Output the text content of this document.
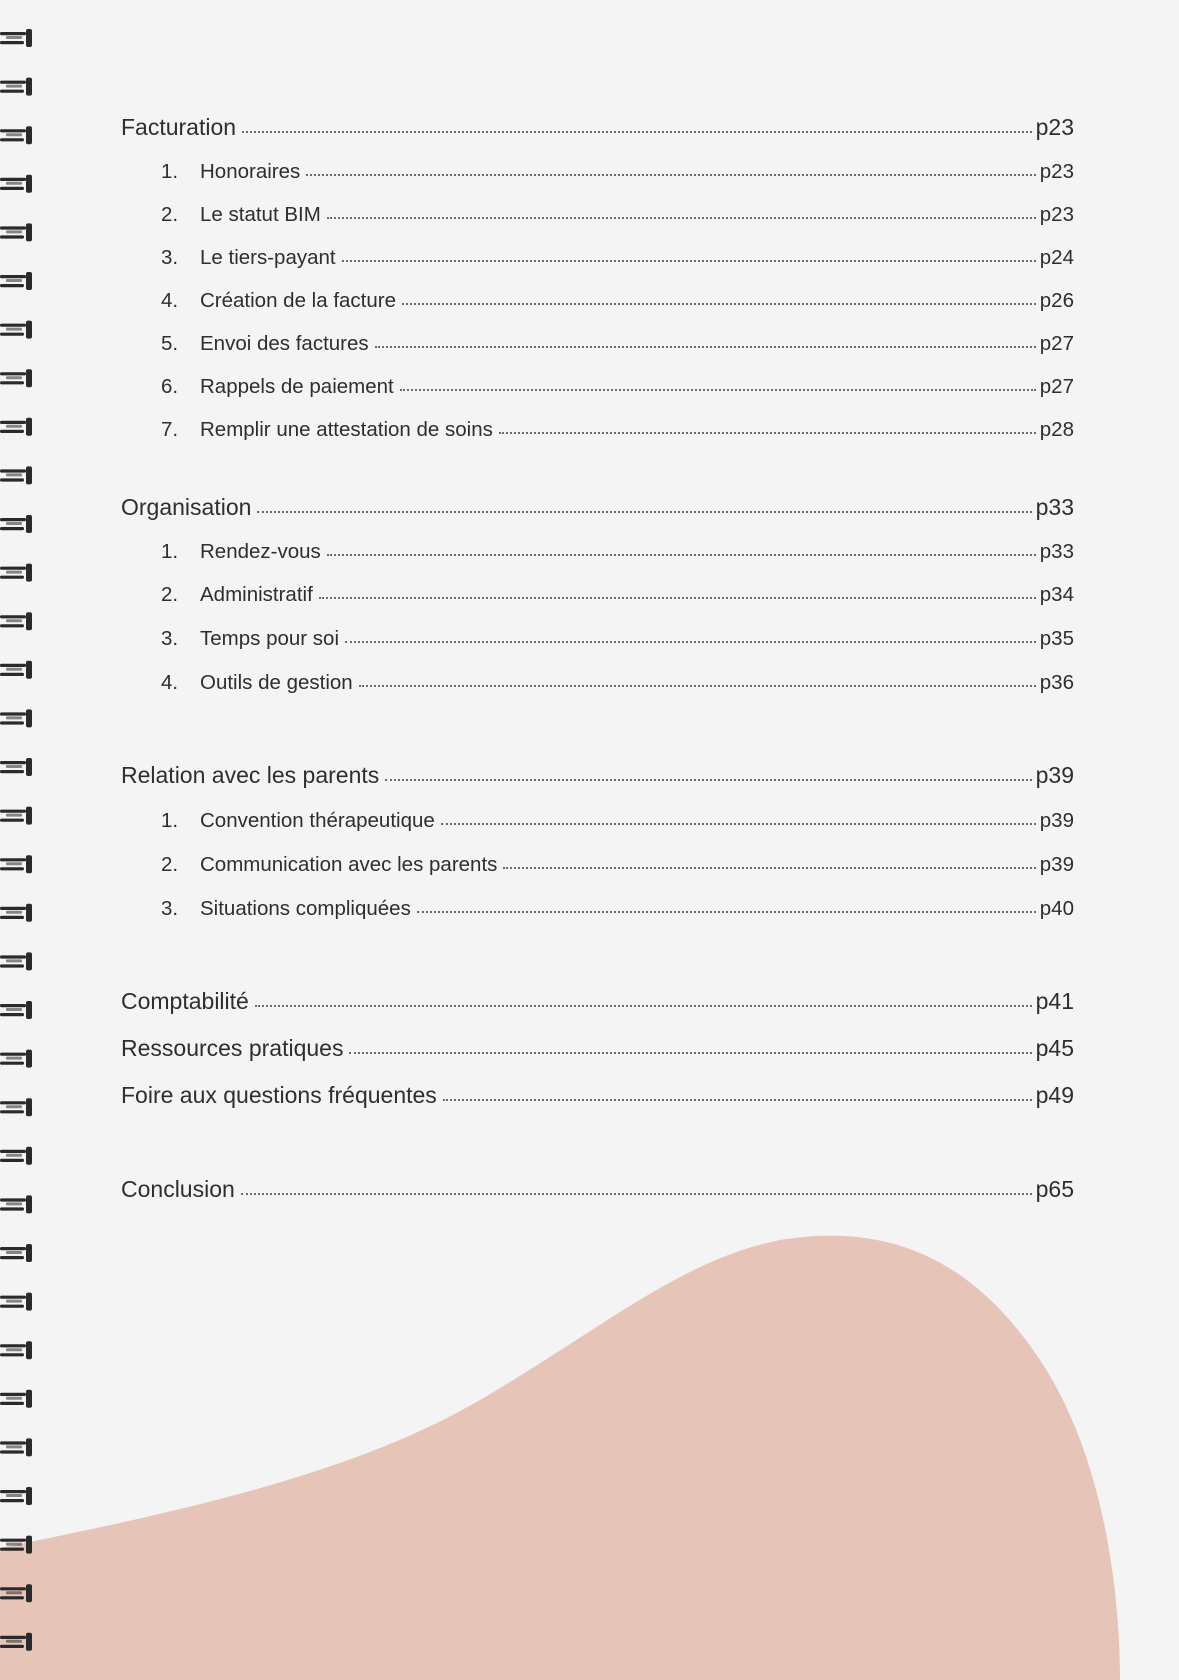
Facturation	p23
1.	Honoraires	p23
2.	Le statut BIM	p23
3.	Le tiers-payant	p24
4.	Création de la facture	p26
5.	Envoi des factures	p27
6.	Rappels de paiement	p27
7.	Remplir une attestation de soins	p28
Organisation	p33
1.	Rendez-vous	p33
2.	Administratif	p34
3.	Temps pour soi	p35
4.	Outils de gestion	p36
Relation avec les parents	p39
1.	Convention thérapeutique	p39
2.	Communication avec les parents	p39
3.	Situations compliquées	p40
Comptabilité	p41
Ressources pratiques	p45
Foire aux questions fréquentes	p49
Conclusion	p65
